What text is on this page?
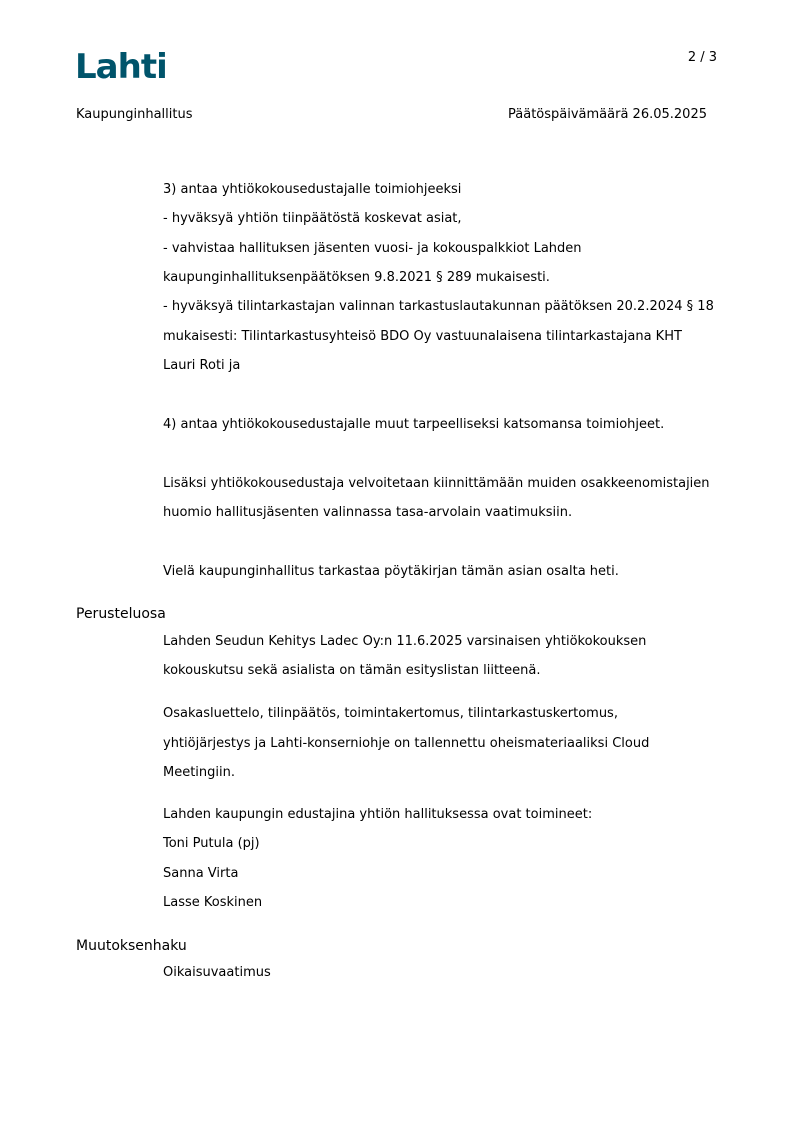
Lahti	2 / 3
Kaupunginhallitus	Päätöspäivämäärä 26.05.2025
3) antaa yhtiökokousedustajalle toimiohjeeksi
- hyväksyä yhtiön tiinpäätöstä koskevat asiat,
- vahvistaa hallituksen jäsenten vuosi- ja kokouspalkkiot Lahden
kaupunginhallituksenpäätöksen 9.8.2021 § 289 mukaisesti.
- hyväksyä tilintarkastajan valinnan tarkastuslautakunnan päätöksen 20.2.2024 § 18
mukaisesti: Tilintarkastusyhteisö BDO Oy vastuunalaisena tilintarkastajana KHT
Lauri Roti ja
4) antaa yhtiökokousedustajalle muut tarpeelliseksi katsomansa toimiohjeet.
Lisäksi yhtiökokousedustaja velvoitetaan kiinnittämään muiden osakkeenomistajien
huomio hallitusjäsenten valinnassa tasa-arvolain vaatimuksiin.
Vielä kaupunginhallitus tarkastaa pöytäkirjan tämän asian osalta heti.
Perusteluosa
Lahden Seudun Kehitys Ladec Oy:n 11.6.2025 varsinaisen yhtiökokouksen
kokouskutsu sekä asialista on tämän esityslistan liitteenä.
Osakasluettelo, tilinpäätös, toimintakertomus, tilintarkastuskertomus,
yhtiöjärjestys ja Lahti-konserniohje on tallennettu oheismateriaaliksi Cloud
Meetingiin.
Lahden kaupungin edustajina yhtiön hallituksessa ovat toimineet:
Toni Putula (pj)
Sanna Virta
Lasse Koskinen
Muutoksenhaku
Oikaisuvaatimus
